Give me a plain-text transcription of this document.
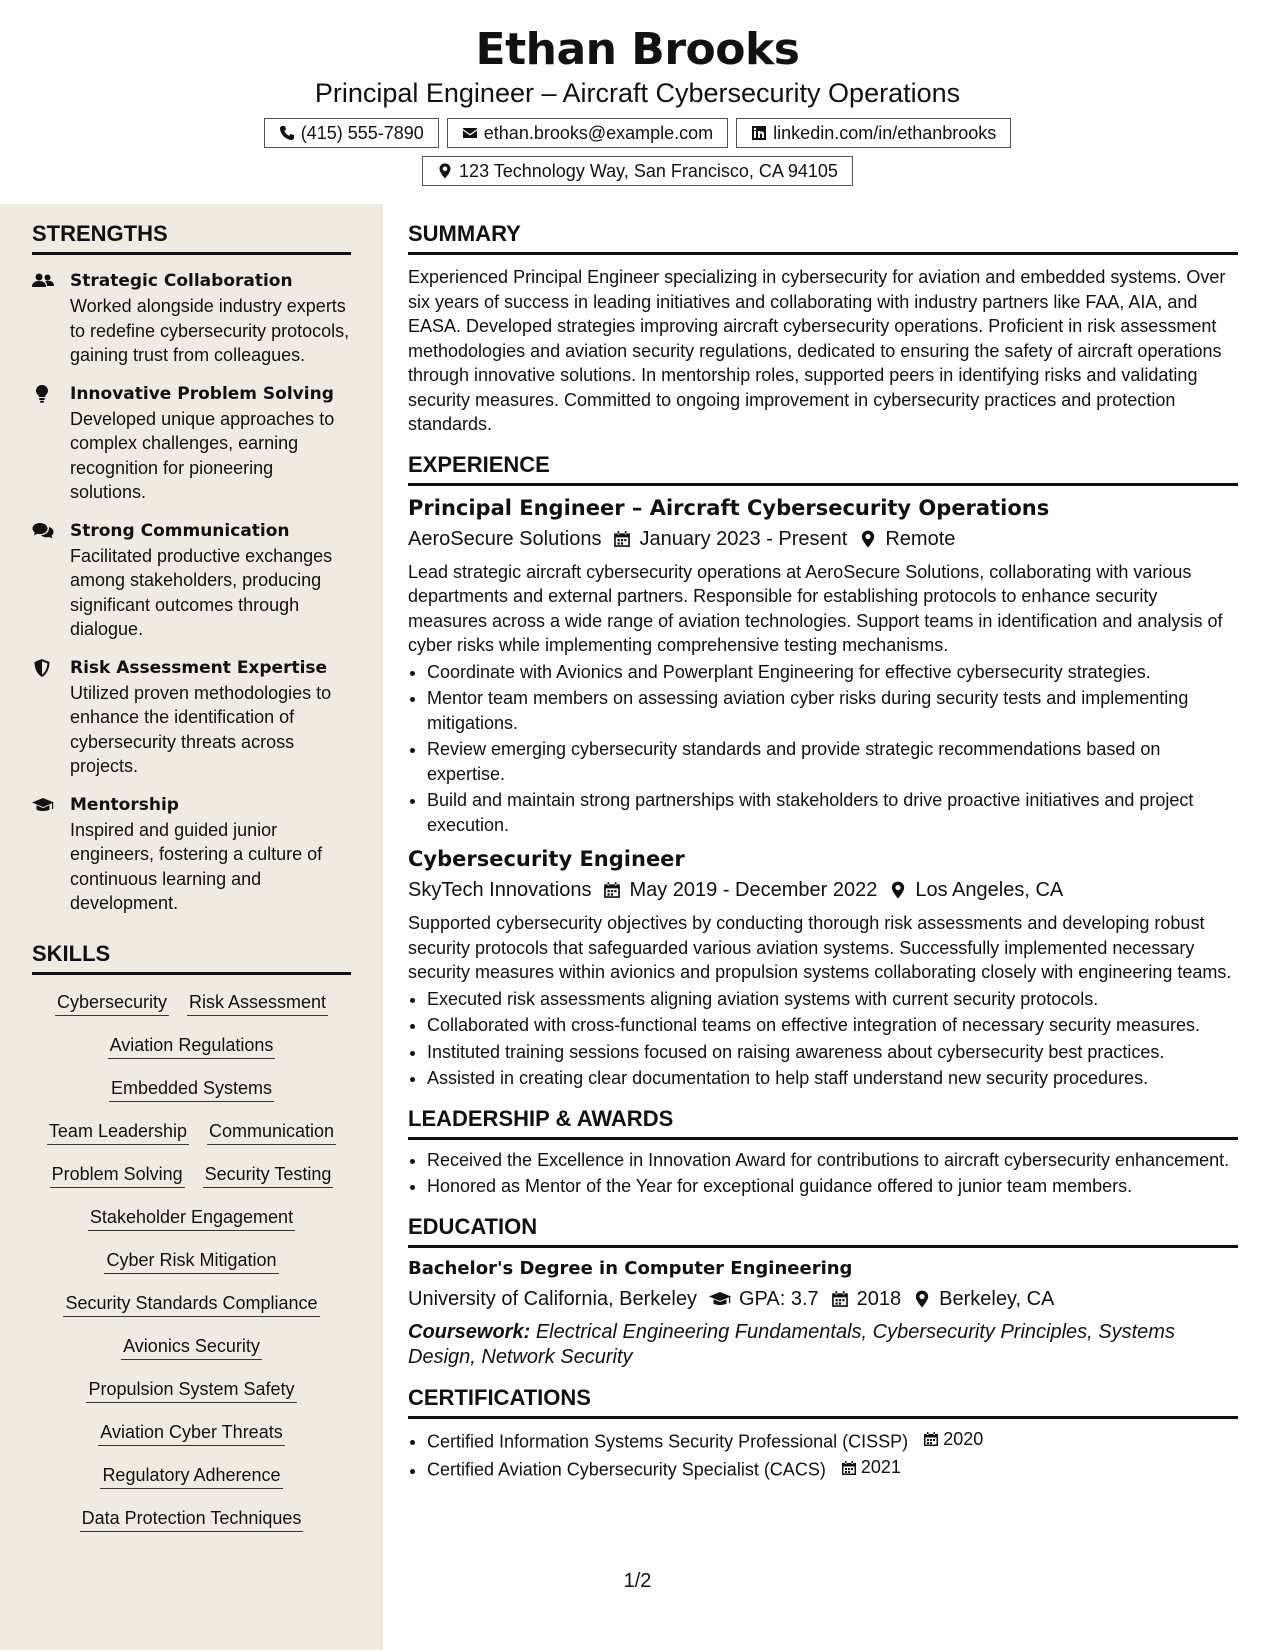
Ethan Brooks
Principal Engineer – Aircraft Cybersecurity Operations
(415) 555-7890	ethan.brooks@example.com	linkedin.com/in/ethanbrooks
123 Technology Way, San Francisco, CA 94105
STRENGTHS
Strategic Collaboration
Worked alongside industry experts to redefine cybersecurity protocols, gaining trust from colleagues.
Innovative Problem Solving
Developed unique approaches to complex challenges, earning recognition for pioneering solutions.
Strong Communication
Facilitated productive exchanges among stakeholders, producing significant outcomes through dialogue.
Risk Assessment Expertise
Utilized proven methodologies to enhance the identification of cybersecurity threats across projects.
Mentorship
Inspired and guided junior engineers, fostering a culture of continuous learning and development.
SKILLS
Cybersecurity Risk Assessment
Aviation Regulations
Embedded Systems
Team Leadership Communication
Problem Solving Security Testing
Stakeholder Engagement
Cyber Risk Mitigation
Security Standards Compliance
Avionics Security
Propulsion System Safety
Aviation Cyber Threats
Regulatory Adherence
Data Protection Techniques
SUMMARY
Experienced Principal Engineer specializing in cybersecurity for aviation and embedded systems. Over six years of success in leading initiatives and collaborating with industry partners like FAA, AIA, and EASA. Developed strategies improving aircraft cybersecurity operations. Proficient in risk assessment methodologies and aviation security regulations, dedicated to ensuring the safety of aircraft operations through innovative solutions. In mentorship roles, supported peers in identifying risks and validating security measures. Committed to ongoing improvement in cybersecurity practices and protection standards.
EXPERIENCE
Principal Engineer – Aircraft Cybersecurity Operations
AeroSecure Solutions January 2023 - Present Remote
Lead strategic aircraft cybersecurity operations at AeroSecure Solutions, collaborating with various departments and external partners. Responsible for establishing protocols to enhance security measures across a wide range of aviation technologies. Support teams in identification and analysis of cyber risks while implementing comprehensive testing mechanisms.
• Coordinate with Avionics and Powerplant Engineering for effective cybersecurity strategies.
• Mentor team members on assessing aviation cyber risks during security tests and implementing mitigations.
• Review emerging cybersecurity standards and provide strategic recommendations based on expertise.
• Build and maintain strong partnerships with stakeholders to drive proactive initiatives and project execution.
Cybersecurity Engineer
SkyTech Innovations May 2019 - December 2022 Los Angeles, CA
Supported cybersecurity objectives by conducting thorough risk assessments and developing robust security protocols that safeguarded various aviation systems. Successfully implemented necessary security measures within avionics and propulsion systems collaborating closely with engineering teams.
• Executed risk assessments aligning aviation systems with current security protocols.
• Collaborated with cross-functional teams on effective integration of necessary security measures.
• Instituted training sessions focused on raising awareness about cybersecurity best practices.
• Assisted in creating clear documentation to help staff understand new security procedures.
LEADERSHIP & AWARDS
• Received the Excellence in Innovation Award for contributions to aircraft cybersecurity enhancement.
• Honored as Mentor of the Year for exceptional guidance offered to junior team members.
EDUCATION
Bachelor's Degree in Computer Engineering
University of California, Berkeley GPA: 3.7 2018 Berkeley, CA
Coursework: Electrical Engineering Fundamentals, Cybersecurity Principles, Systems Design, Network Security
CERTIFICATIONS
• Certified Information Systems Security Professional (CISSP) 2020
• Certified Aviation Cybersecurity Specialist (CACS) 2021
1/2
